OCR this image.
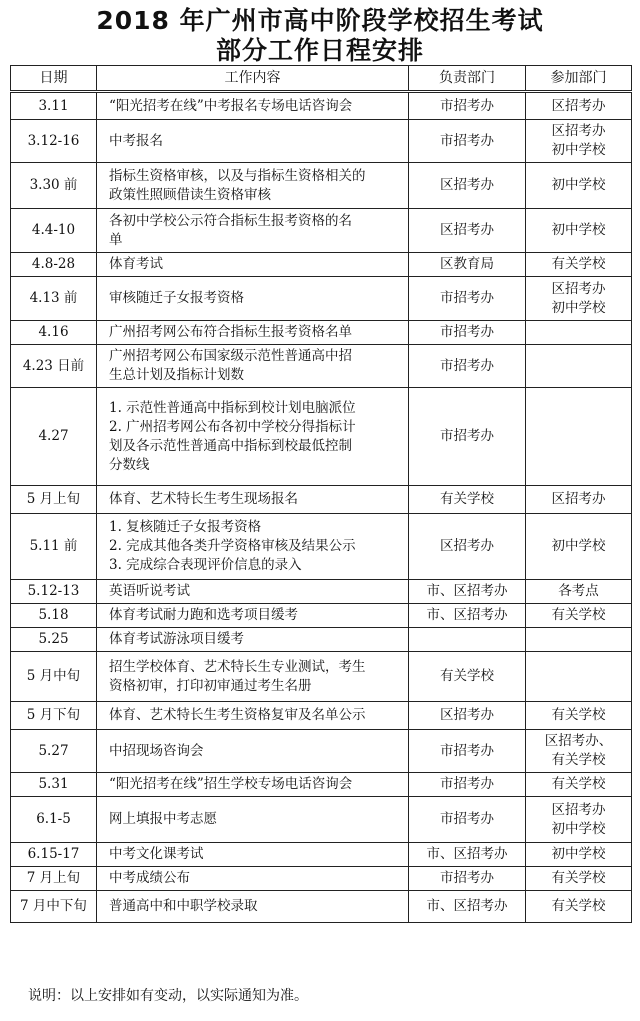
2018 年广州市高中阶段学校招生考试
部分工作日程安排
日期	工作内容	负责部门	参加部门
3.11	“阳光招考在线”中考报名专场电话咨询会	市招考办	区招考办

3.12-16	中考报名	市招考办	区招考办
初中学校

3.30 前	指标生资格审核，以及与指标生资格相关的
政策性照顾借读生资格审核	区招考办	初中学校

4.4-10	各初中学校公示符合指标生报考资格的名
单	区招考办	初中学校

4.8-28	体育考试	区教育局	有关学校

4.13 前	审核随迁子女报考资格	市招考办	区招考办
初中学校

4.16	广州招考网公布符合指标生报考资格名单	市招考办	
4.23 日前	广州招考网公布国家级示范性普通高中招
生总计划及指标计划数	市招考办	
4.27	1. 示范性普通高中指标到校计划电脑派位
2. 广州招考网公布各初中学校分得指标计
划及各示范性普通高中指标到校最低控制
分数线	市招考办	
5 月上旬	体育、艺术特长生考生现场报名	有关学校	区招考办

5.11 前	1. 复核随迁子女报考资格
2. 完成其他各类升学资格审核及结果公示
3. 完成综合表现评价信息的录入	区招考办	初中学校

5.12-13	英语听说考试	市、区招考办	各考点

5.18	体育考试耐力跑和选考项目缓考	市、区招考办	有关学校

5.25	体育考试游泳项目缓考		

5 月中旬	招生学校体育、艺术特长生专业测试，考生
资格初审，打印初审通过考生名册	有关学校	
5 月下旬	体育、艺术特长生考生资格复审及名单公示	区招考办	有关学校

5.27	中招现场咨询会	市招考办	区招考办、
有关学校

5.31	“阳光招考在线”招生学校专场电话咨询会	市招考办	有关学校

6.1-5	网上填报中考志愿	市招考办	区招考办
初中学校

6.15-17	中考文化课考试	市、区招考办	初中学校

7 月上旬	中考成绩公布	市招考办	有关学校

7 月中下旬	普通高中和中职学校录取	市、区招考办	有关学校
说明：以上安排如有变动，以实际通知为准。
